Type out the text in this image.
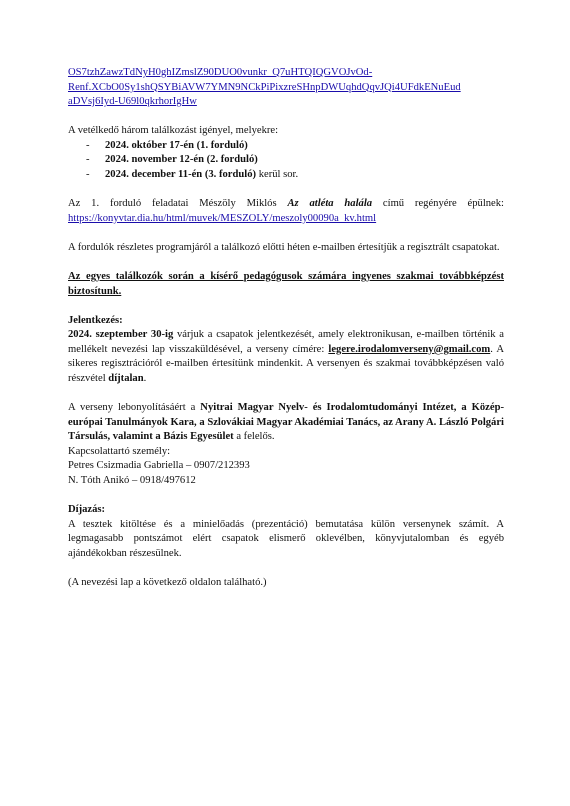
OS7tzhZawzTdNyH0ghIZmslZ90DUO0vunkr_Q7uHTQIQGVOJvOd-
Renf.XCbO0Sy1shQSYBiAVW7YMN9NCkPiPixzreSHnpDWUqhdQqvJQi4UFdkENuEud
aDVsj6Iyd-U69l0qkrhorIgHw

A vetélkedő három találkozást igényel, melyekre:

- 2024. október 17-én (1. forduló)
- 2024. november 12-én (2. forduló)
- 2024. december 11-én (3. forduló) kerül sor.

Az 1. forduló feladatai Mészöly Miklós Az atléta halála című regényére épülnek: https://konyvtar.dia.hu/html/muvek/MESZOLY/meszoly00090a_kv.html

A fordulók részletes programjáról a találkozó előtti héten e-mailben értesítjük a regisztrált csapatokat.

Az egyes találkozók során a kísérő pedagógusok számára ingyenes szakmai továbbképzést biztosítunk.

Jelentkezés:

2024. szeptember 30-ig várjuk a csapatok jelentkezését, amely elektronikusan, e-mailben történik a mellékelt nevezési lap visszaküldésével, a verseny címére: legere.irodalomverseny@gmail.com. A sikeres regisztrációról e-mailben értesítünk mindenkit. A versenyen és szakmai továbbképzésen való részvétel díjtalan.

A verseny lebonyolításáért a Nyitrai Magyar Nyelv- és Irodalomtudományi Intézet, a Közép-európai Tanulmányok Kara, a Szlovákiai Magyar Akadémiai Tanács, az Arany A. László Polgári Társulás, valamint a Bázis Egyesület a felelős.

Kapcsolattartó személy:

Petres Csizmadia Gabriella – 0907/212393

N. Tóth Anikó – 0918/497612

Díjazás:

A tesztek kitöltése és a minielőadás (prezentáció) bemutatása külön versenynek számít. A legmagasabb pontszámot elért csapatok elismerő oklevélben, könyvjutalomban és egyéb ajándékokban részesülnek.

(A nevezési lap a következő oldalon található.)
